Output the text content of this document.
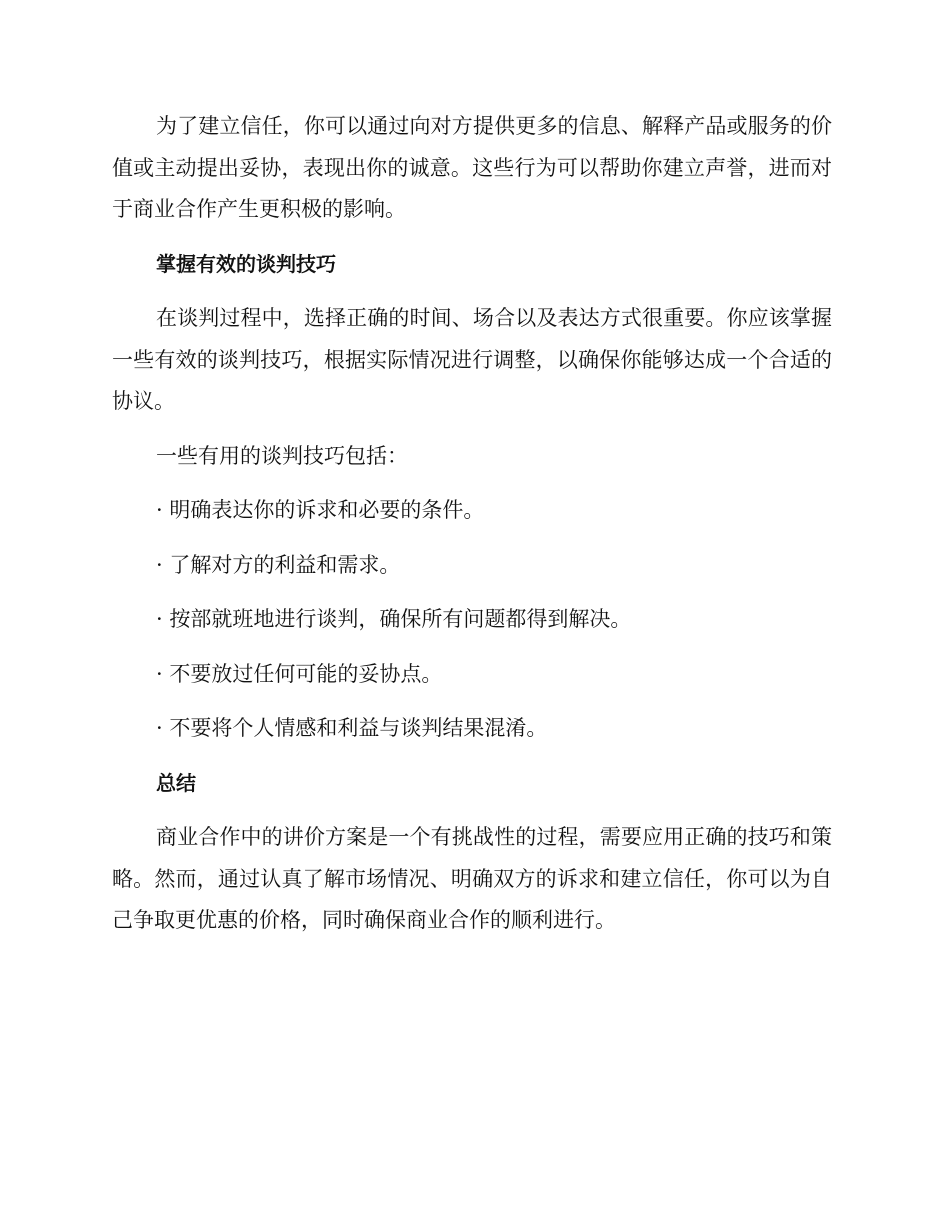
为了建立信任，你可以通过向对方提供更多的信息、解释产品或服务的价值或主动提出妥协，表现出你的诚意。这些行为可以帮助你建立声誉，进而对于商业合作产生更积极的影响。

掌握有效的谈判技巧

在谈判过程中，选择正确的时间、场合以及表达方式很重要。你应该掌握一些有效的谈判技巧，根据实际情况进行调整，以确保你能够达成一个合适的协议。

一些有用的谈判技巧包括：

· 明确表达你的诉求和必要的条件。

· 了解对方的利益和需求。

· 按部就班地进行谈判，确保所有问题都得到解决。

· 不要放过任何可能的妥协点。

· 不要将个人情感和利益与谈判结果混淆。

总结

商业合作中的讲价方案是一个有挑战性的过程，需要应用正确的技巧和策略。然而，通过认真了解市场情况、明确双方的诉求和建立信任，你可以为自己争取更优惠的价格，同时确保商业合作的顺利进行。
